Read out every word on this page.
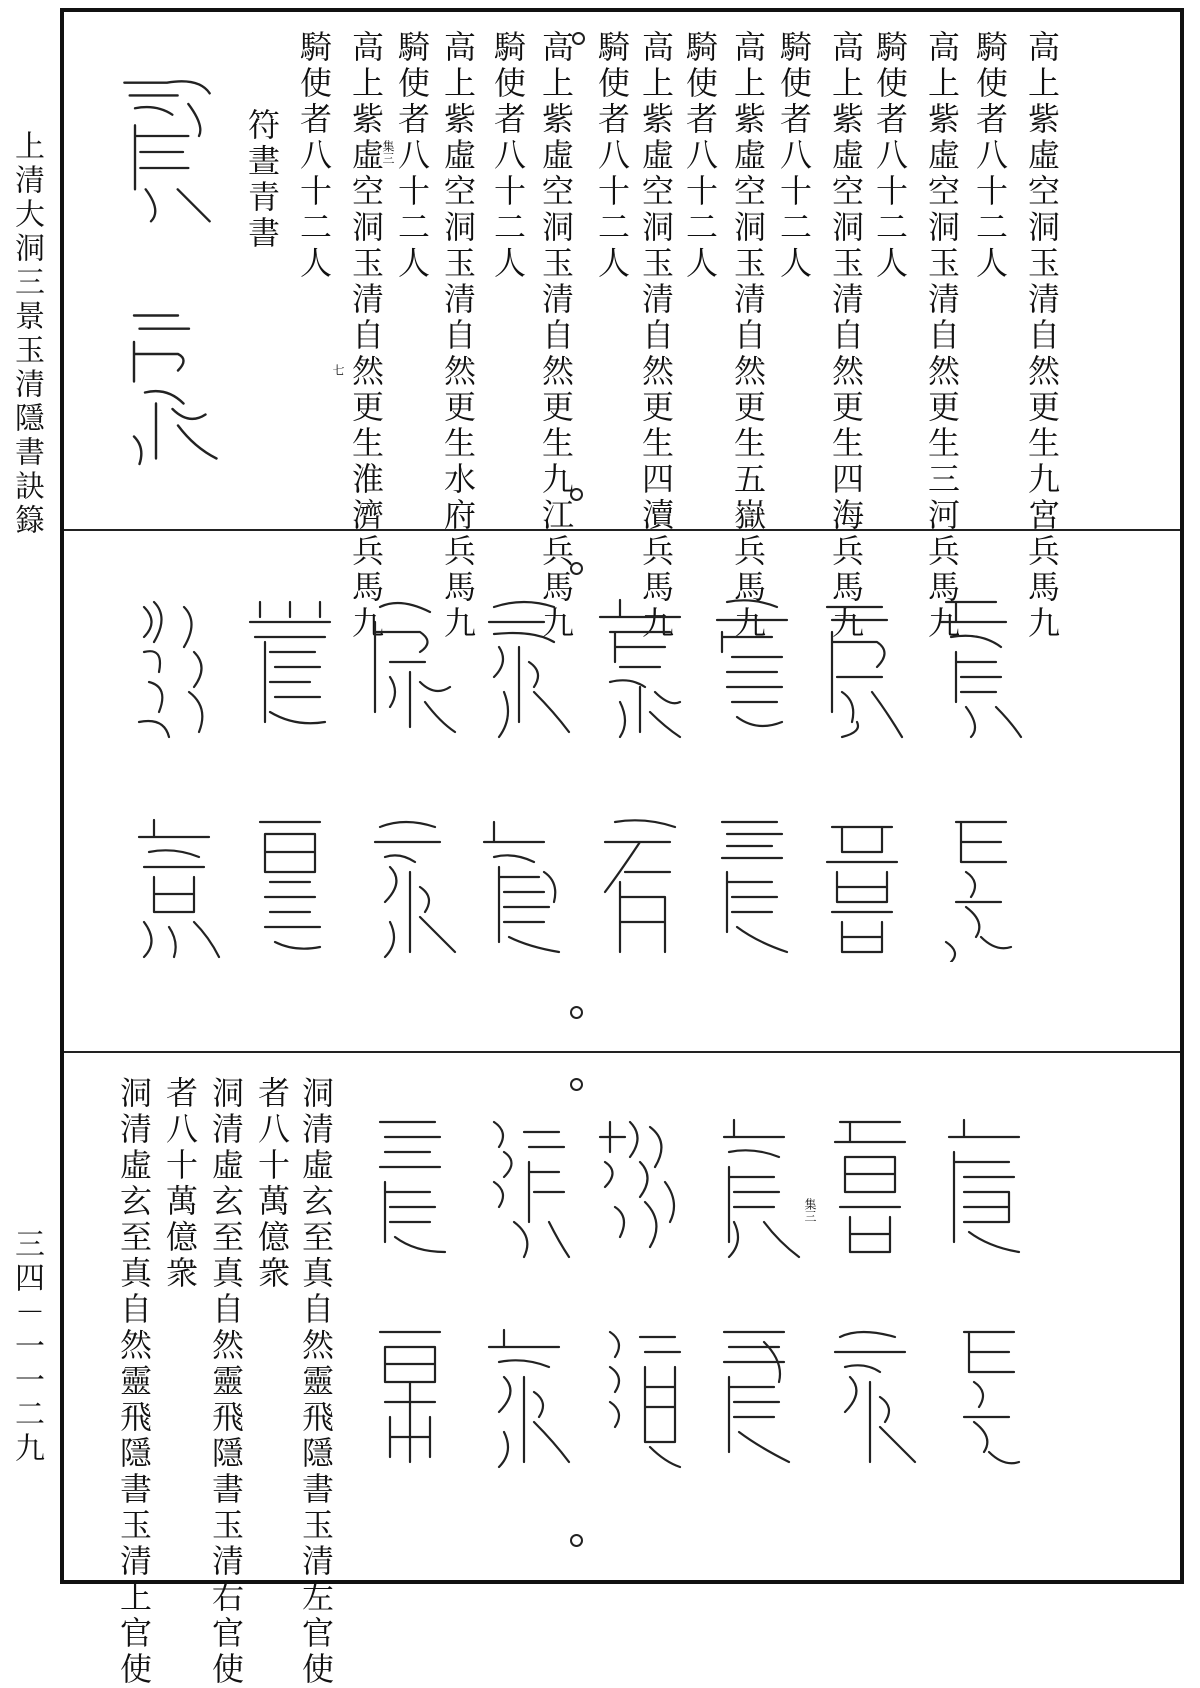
上清大洞三景玉清隱書訣籙
三四－一一二九
高上紫虛空洞玉清自然更生九宮兵馬九
騎使者八十二人
高上紫虛空洞玉清自然更生三河兵馬九
騎使者八十二人
高上紫虛空洞玉清自然更生四海兵馬九
騎使者八十二人
高上紫虛空洞玉清自然更生五嶽兵馬九
騎使者八十二人
高上紫虛空洞玉清自然更生四瀆兵馬九
騎使者八十二人
高上紫虛空洞玉清自然更生九江兵馬九
騎使者八十二人
高上紫虛空洞玉清自然更生水府兵馬九
騎使者八十二人
高上紫虛空洞玉清自然更生淮濟兵馬九
騎使者八十二人
符晝青書	集三
七
洞清虛玄至真自然靈飛隱書玉清左官使
者八十萬億衆
洞清虛玄至真自然靈飛隱書玉清右官使
者八十萬億衆
洞清虛玄至真自然靈飛隱書玉清上官使	集三
